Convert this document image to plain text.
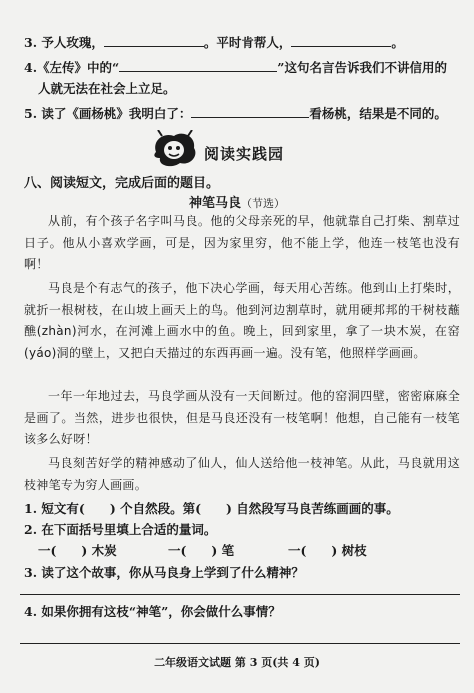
3. 予人玫瑰，	。平时肯帮人，	。
4.《左传》中的“	”这句名言告诉我们不讲信用的
人就无法在社会上立足。
5. 读了《画杨桃》我明白了：	看杨桃，结果是不同的。
阅读实践园
八、阅读短文，完成后面的题目。
神笔马良（节选）
从前，有个孩子名字叫马良。他的父母亲死的早，他就靠自己打柴、割草过日子。他从小喜欢学画，可是，因为家里穷，他不能上学，他连一枝笔也没有啊！
马良是个有志气的孩子，他下决心学画，每天用心苦练。他到山上打柴时，就折一根树枝，在山坡上画天上的鸟。他到河边割草时，就用硬邦邦的干树枝蘸醮(zhàn)河水，在河滩上画水中的鱼。晚上，回到家里，拿了一块木炭，在窑(yáo)洞的壁上，又把白天描过的东西再画一遍。没有笔，他照样学画画。
一年一年地过去，马良学画从没有一天间断过。他的窑洞四壁，密密麻麻全是画了。当然，进步也很快，但是马良还没有一枝笔啊！他想，自己能有一枝笔该多么好呀！
马良刻苦好学的精神感动了仙人，仙人送给他一枝神笔。从此，马良就用这枝神笔专为穷人画画。
1. 短文有(　　) 个自然段。第(　　) 自然段写马良苦练画画的事。
2. 在下面括号里填上合适的量词。
一(　　) 木炭	一(　　) 笔	一(　　) 树枝
3. 读了这个故事，你从马良身上学到了什么精神？
4. 如果你拥有这枝“神笔”，你会做什么事情？
二年级语文试题 第 3 页(共 4 页)
